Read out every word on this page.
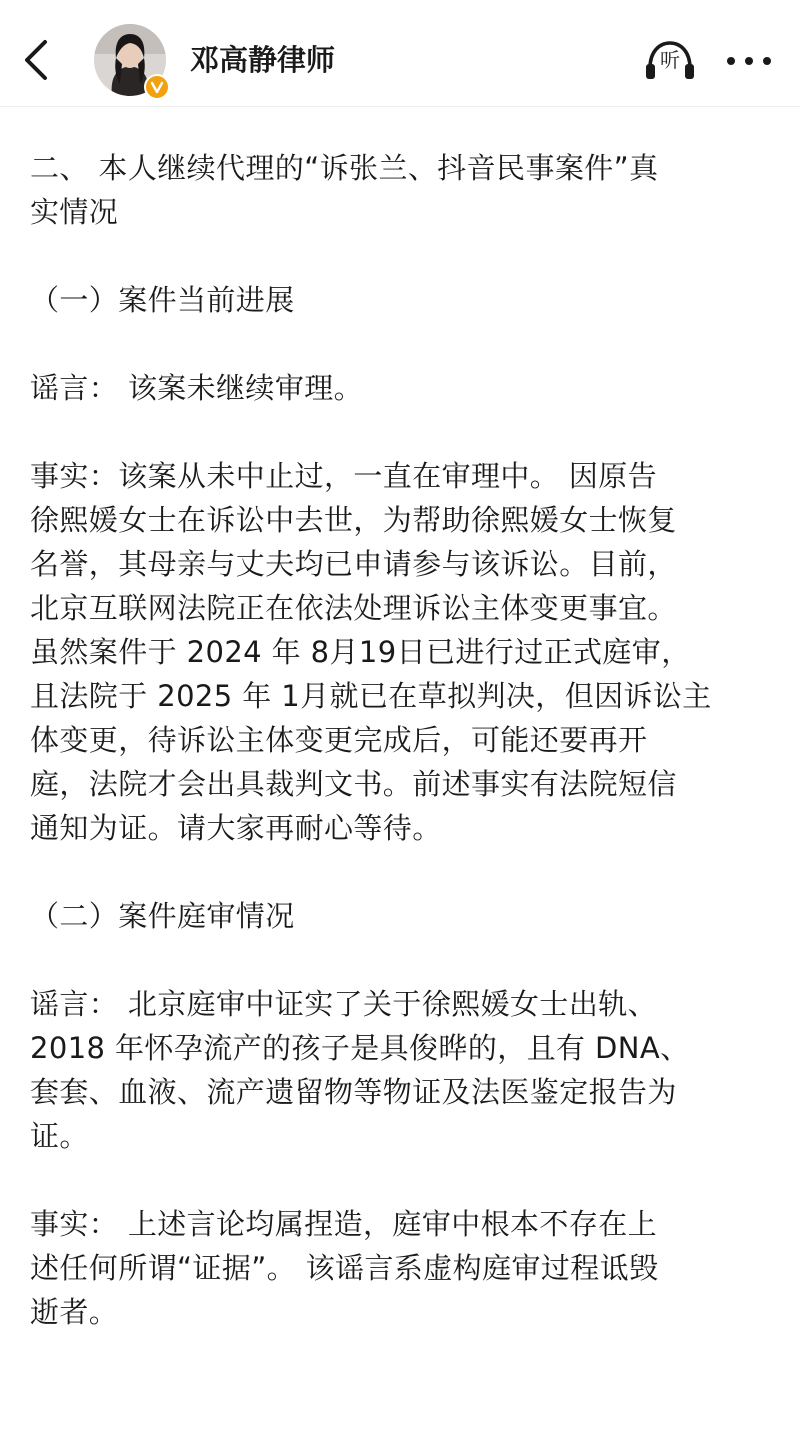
邓高静律师	听

二、 本人继续代理的“诉张兰、抖音民事案件”真
实情况

（一）案件当前进展

谣言： 该案未继续审理。

事实：该案从未中止过，一直在审理中。 因原告
徐熙媛女士在诉讼中去世，为帮助徐熙媛女士恢复
名誉，其母亲与丈夫均已申请参与该诉讼。目前，
北京互联网法院正在依法处理诉讼主体变更事宜。
虽然案件于 2024 年 8月19日已进行过正式庭审，
且法院于 2025 年 1月就已在草拟判决，但因诉讼主
体变更，待诉讼主体变更完成后，可能还要再开
庭，法院才会出具裁判文书。前述事实有法院短信
通知为证。请大家再耐心等待。

（二）案件庭审情况

谣言： 北京庭审中证实了关于徐熙媛女士出轨、
2018 年怀孕流产的孩子是具俊晔的，且有 DNA、
套套、血液、流产遗留物等物证及法医鉴定报告为
证。

事实： 上述言论均属捏造，庭审中根本不存在上
述任何所谓“证据”。 该谣言系虚构庭审过程诋毁
逝者。
